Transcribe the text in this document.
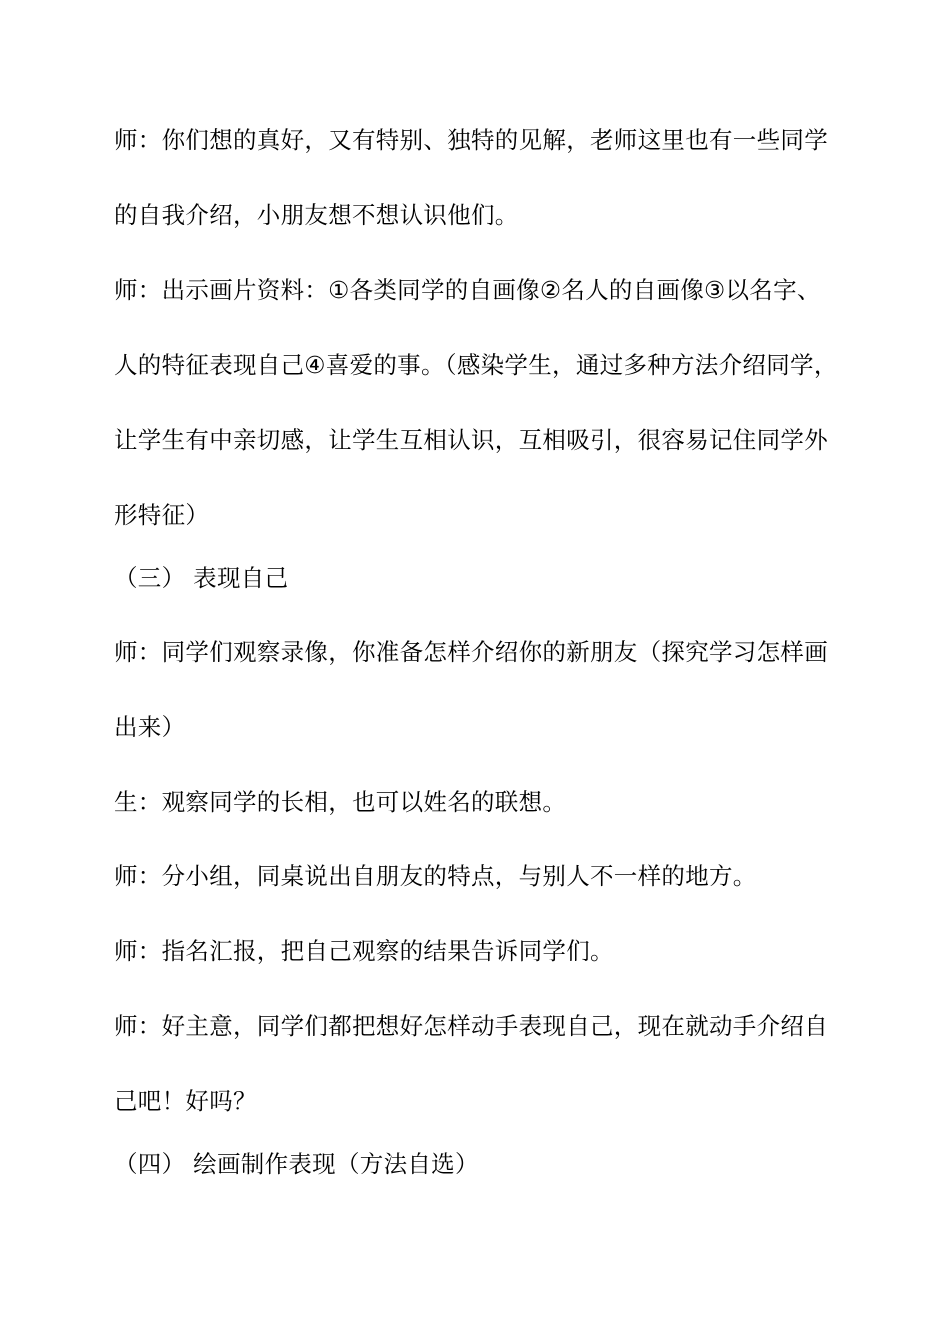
师：你们想的真好，又有特别、独特的见解，老师这里也有一些同学
的自我介绍，小朋友想不想认识他们。
师：出示画片资料：①各类同学的自画像②名人的自画像③以名字、
人的特征表现自己④喜爱的事。（感染学生，通过多种方法介绍同学，
让学生有中亲切感，让学生互相认识，互相吸引，很容易记住同学外
形特征）
（三） 表现自己
师：同学们观察录像，你准备怎样介绍你的新朋友（探究学习怎样画
出来）
生：观察同学的长相，也可以姓名的联想。
师：分小组，同桌说出自朋友的特点，与别人不一样的地方。
师：指名汇报，把自己观察的结果告诉同学们。
师：好主意，同学们都把想好怎样动手表现自己，现在就动手介绍自
己吧！好吗？
（四） 绘画制作表现（方法自选）
